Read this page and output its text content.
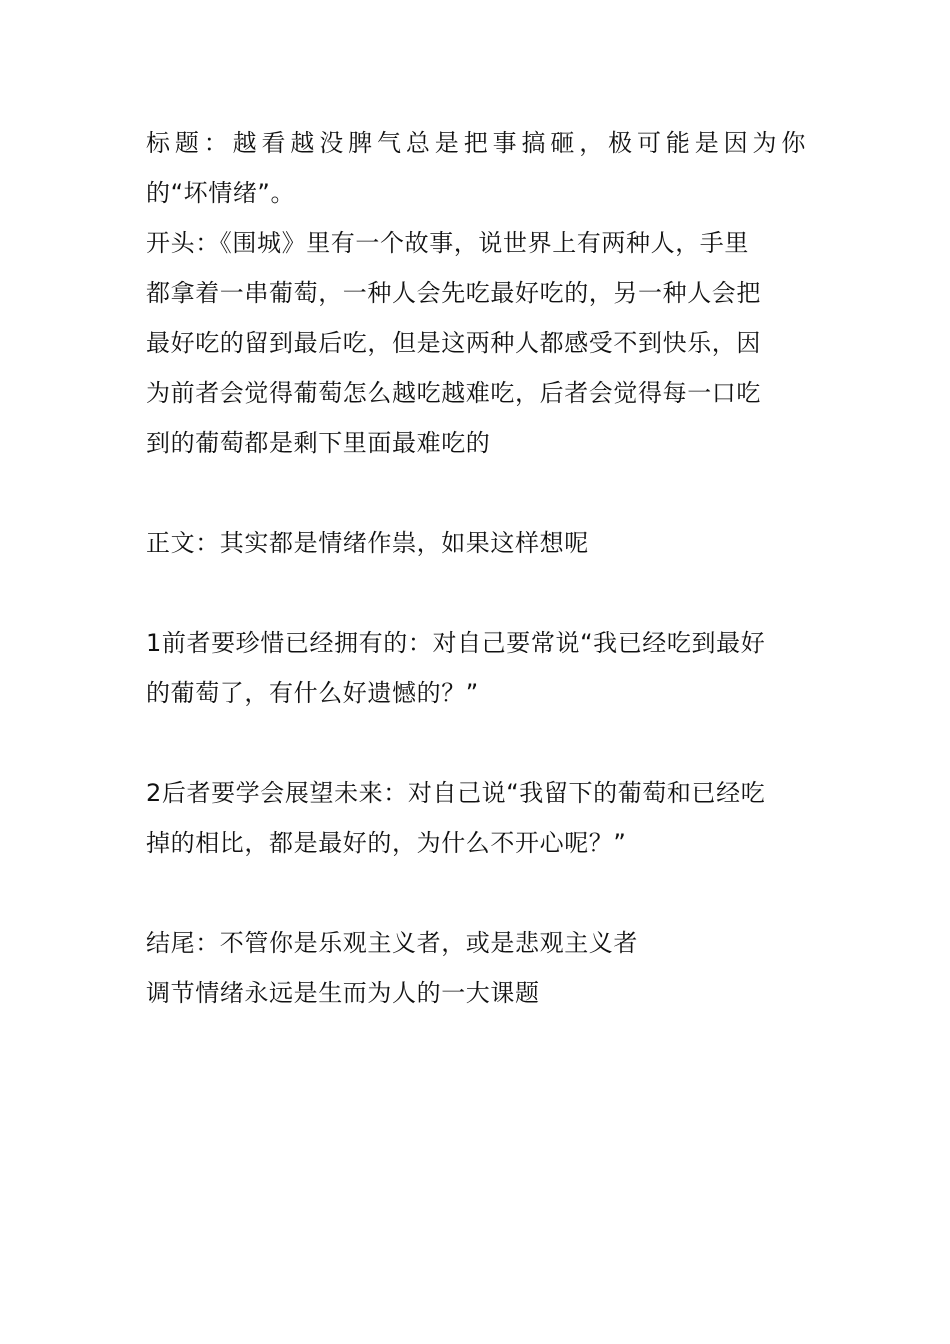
标题：越看越没脾气总是把事搞砸，极可能是因为你
的“坏情绪”。
开头：《围城》里有一个故事，说世界上有两种人，手里
都拿着一串葡萄，一种人会先吃最好吃的，另一种人会把
最好吃的留到最后吃，但是这两种人都感受不到快乐，因
为前者会觉得葡萄怎么越吃越难吃，后者会觉得每一口吃
到的葡萄都是剩下里面最难吃的
正文：其实都是情绪作祟，如果这样想呢
1前者要珍惜已经拥有的：对自己要常说“我已经吃到最好
的葡萄了，有什么好遗憾的？”
2后者要学会展望未来：对自己说“我留下的葡萄和已经吃
掉的相比，都是最好的，为什么不开心呢？”
结尾：不管你是乐观主义者，或是悲观主义者
调节情绪永远是生而为人的一大课题
